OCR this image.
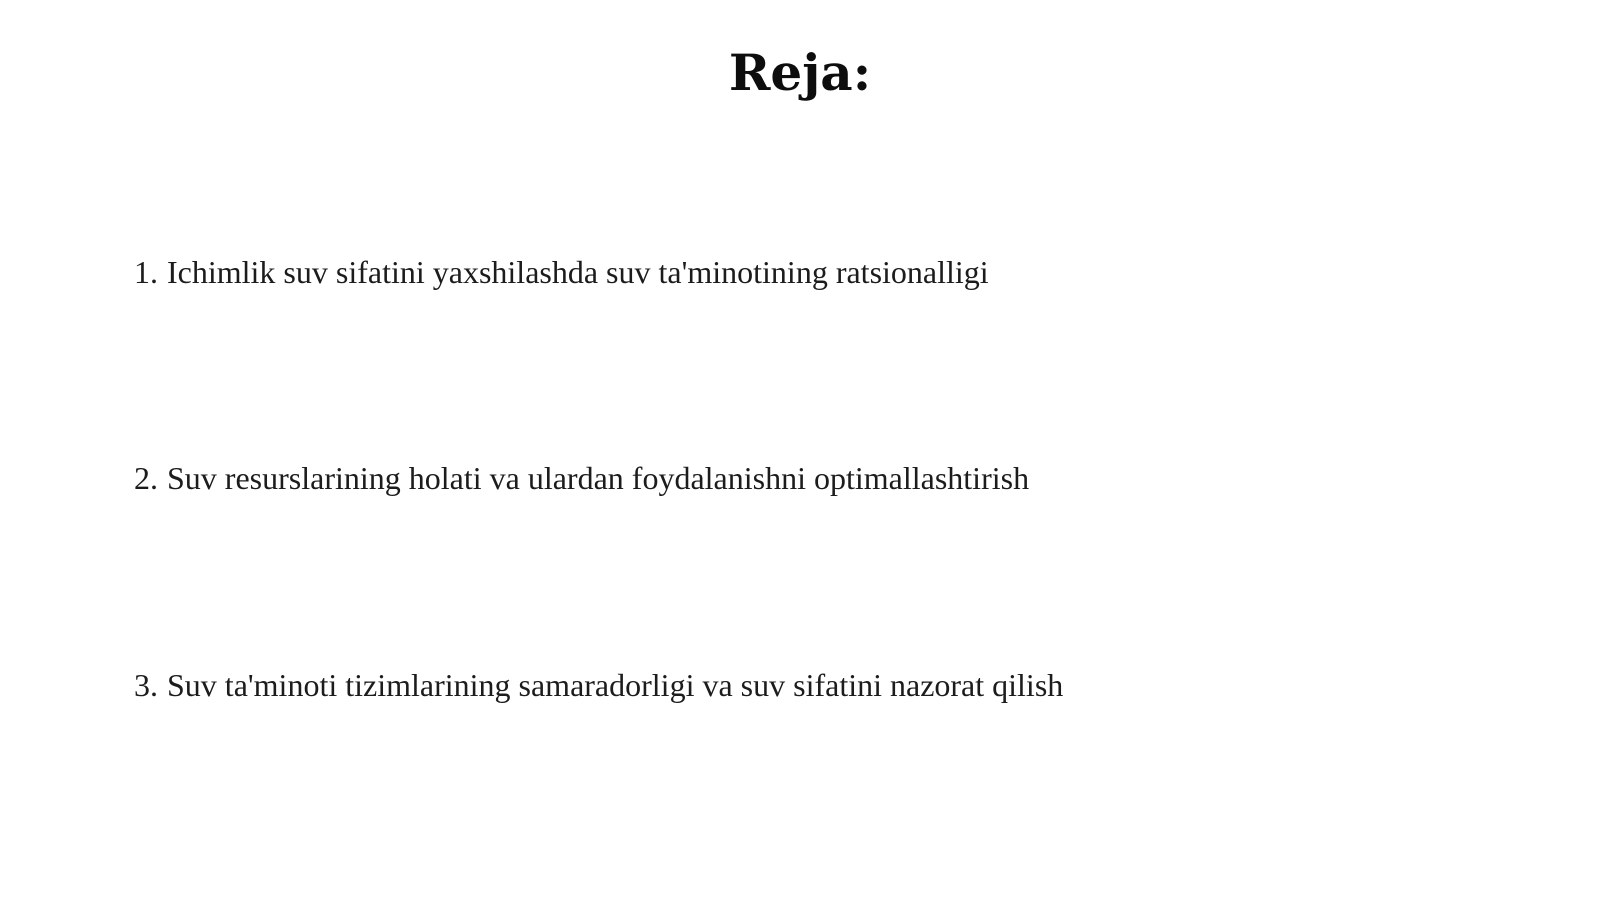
Reja:
1. Ichimlik suv sifatini yaxshilashda suv ta'minotining ratsionalligi
2. Suv resurslarining holati va ulardan foydalanishni optimallashtirish
3. Suv ta'minoti tizimlarining samaradorligi va suv sifatini nazorat qilish
